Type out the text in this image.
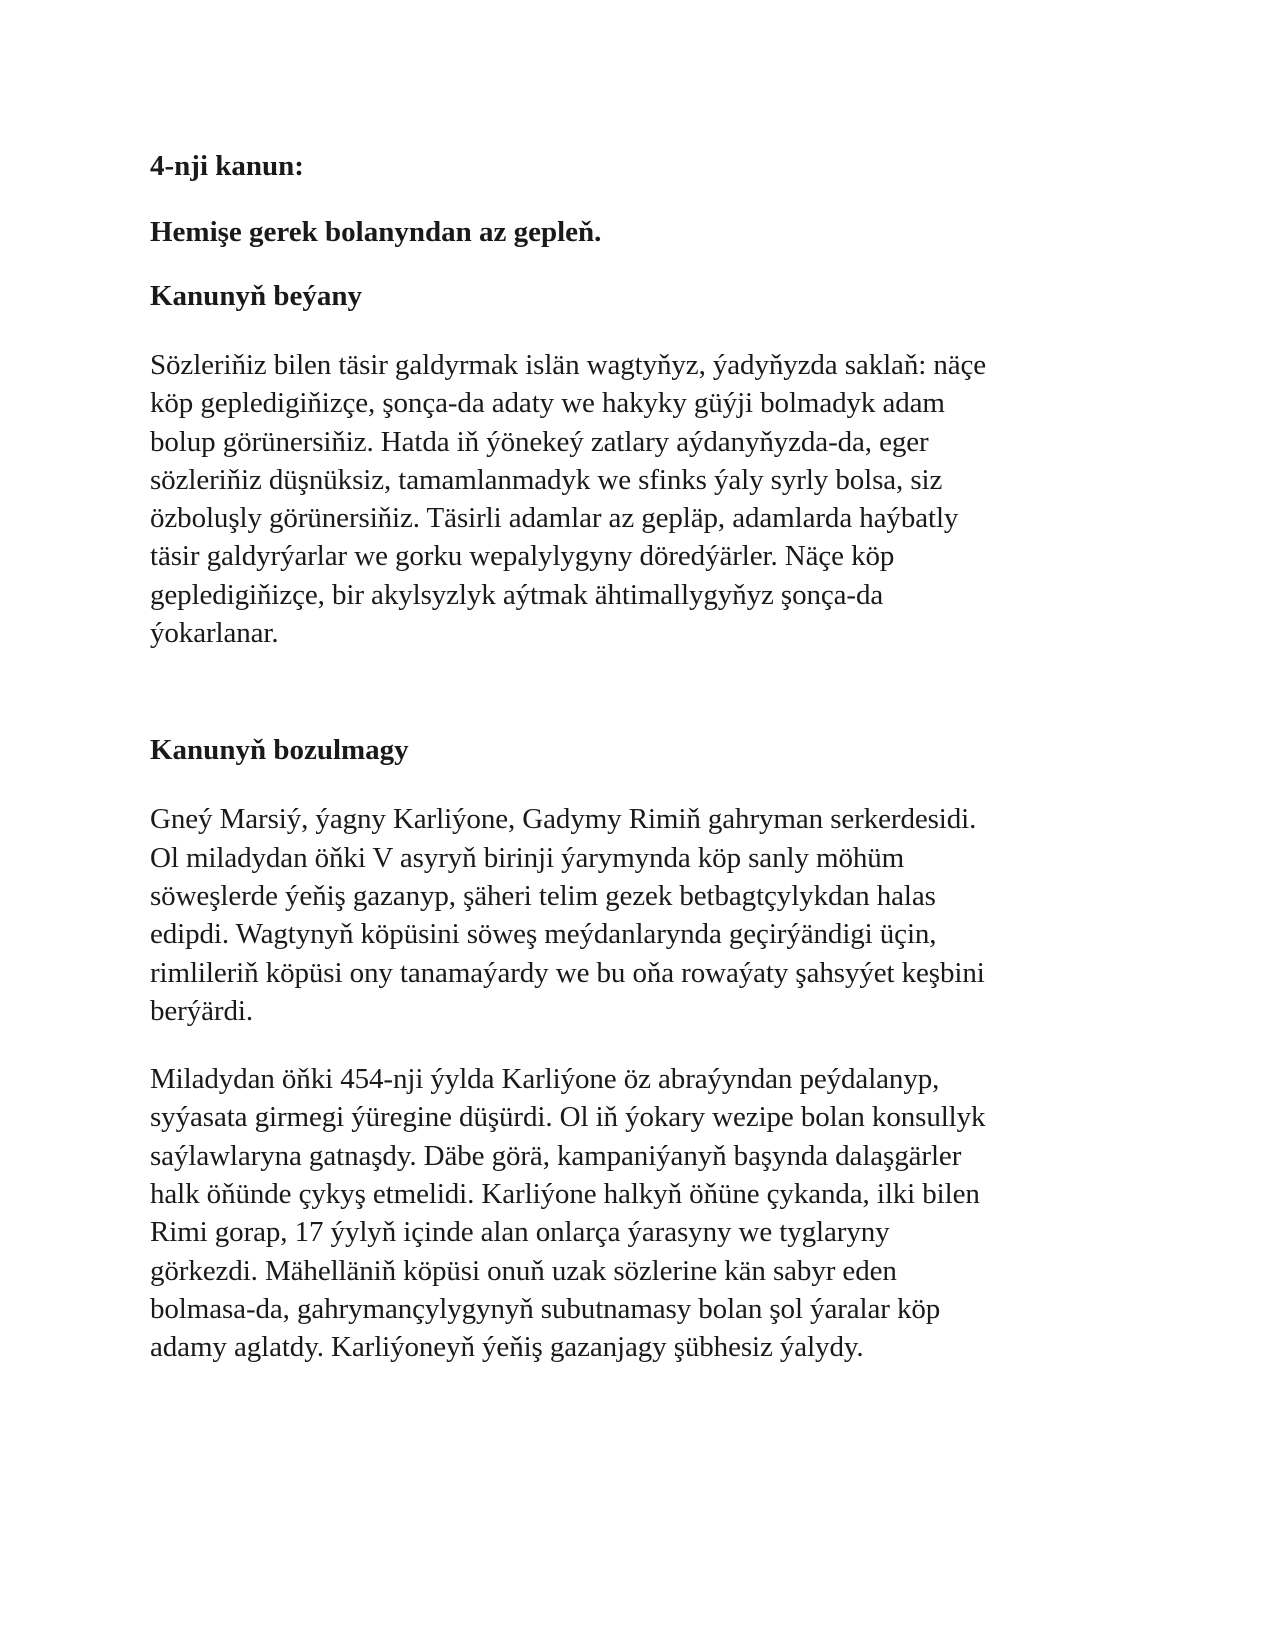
4-nji kanun:
Hemişe gerek bolanyndan az gepleň.
Kanunyň beýany

Sözleriňiz bilen täsir galdyrmak islän wagtyňyz, ýadyňyzda saklaň: näçe
köp gepledigiňizçe, şonça-da adaty we hakyky güýji bolmadyk adam
bolup görünersiňiz. Hatda iň ýönekeý zatlary aýdanyňyzda-da, eger
sözleriňiz düşnüksiz, tamamlanmadyk we sfinks ýaly syrly bolsa, siz
özboluşly görünersiňiz. Täsirli adamlar az gepläp, adamlarda haýbatly
täsir galdyrýarlar we gorku wepalylygyny döredýärler. Näçe köp
gepledigiňizçe, bir akylsyzlyk aýtmak ähtimallygyňyz şonça-da
ýokarlanar.

Kanunyň bozulmagy

Gneý Marsiý, ýagny Karliýone, Gadymy Rimiň gahryman serkerdesidi.
Ol miladydan öňki V asyryň birinji ýarymynda köp sanly möhüm
söweşlerde ýeňiş gazanyp, şäheri telim gezek betbagtçylykdan halas
edipdi. Wagtynyň köpüsini söweş meýdanlarynda geçirýändigi üçin,
rimlileriň köpüsi ony tanamaýardy we bu oňa rowaýaty şahsyýet keşbini
berýärdi.

Miladydan öňki 454-nji ýylda Karliýone öz abraýyndan peýdalanyp,
syýasata girmegi ýüregine düşürdi. Ol iň ýokary wezipe bolan konsullyk
saýlawlaryna gatnaşdy. Däbe görä, kampaniýanyň başynda dalaşgärler
halk öňünde çykyş etmelidi. Karliýone halkyň öňüne çykanda, ilki bilen
Rimi gorap, 17 ýylyň içinde alan onlarça ýarasyny we tyglaryny
görkezdi. Mähelläniň köpüsi onuň uzak sözlerine kän sabyr eden
bolmasa-da, gahrymançylygynyň subutnamasy bolan şol ýaralar köp
adamy aglatdy. Karliýoneyň ýeňiş gazanjagy şübhesiz ýalydy.
